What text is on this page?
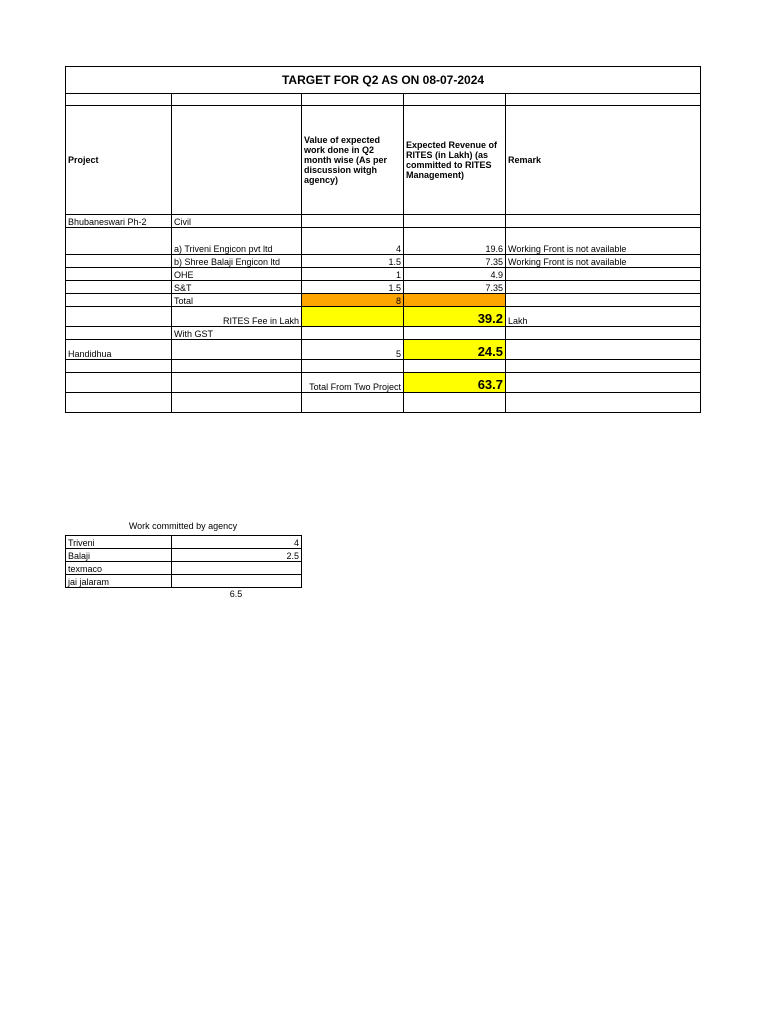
TARGET FOR Q2 AS ON 08-07-2024				

Project		Value of expected work done in Q2 month wise (As per discussion witgh agency)	Expected Revenue of RITES (in Lakh) (as committed to RITES Management)	Remark
Bhubaneswari Ph-2	Civil			
	a) Triveni Engicon pvt ltd	4	19.6	Working Front is not available
	b) Shree Balaji Engicon ltd	1.5	7.35	Working Front is not available
	OHE	1	4.9	
	S&T	1.5	7.35	
	Total	8		
	RITES Fee in Lakh		39.2	Lakh
	With GST			
Handidhua		5	24.5	

		Total From Two Project	63.7	

Work committed by agency
Triveni	4
Balaji	2.5
texmaco	
jai jalaram	
6.5
